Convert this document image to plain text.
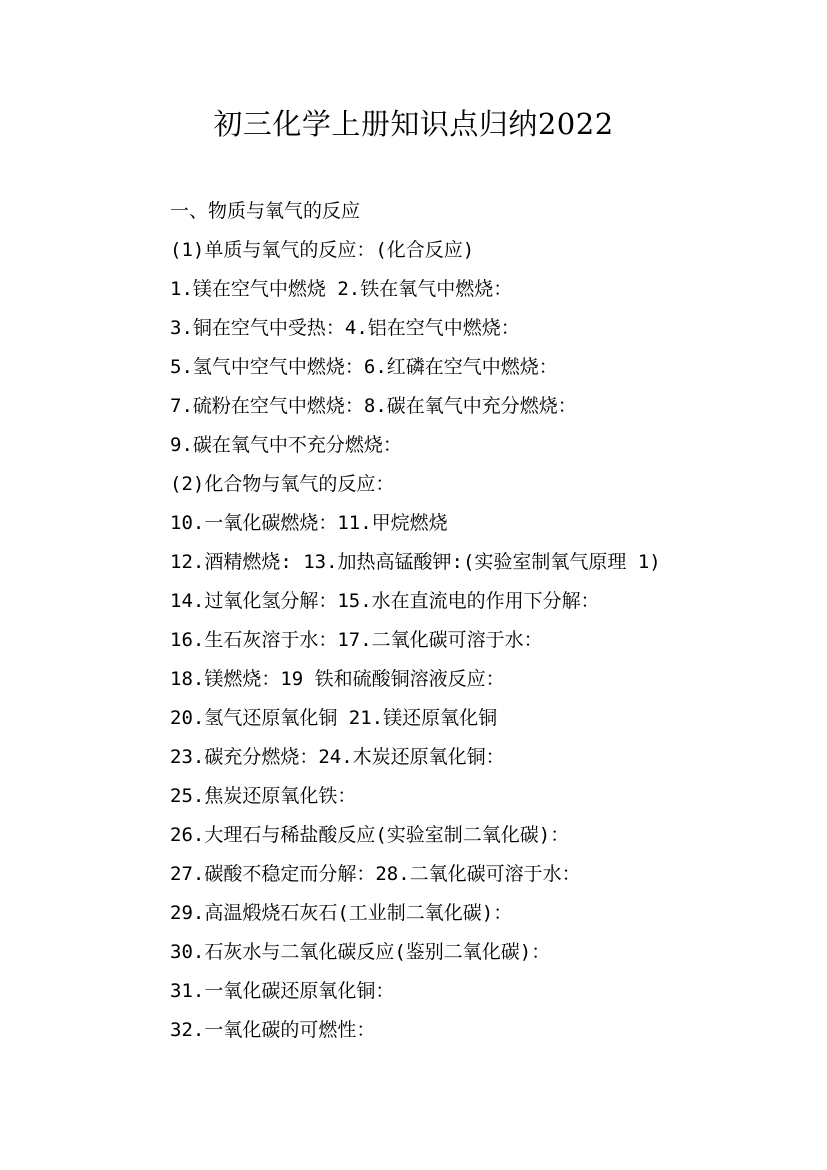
初三化学上册知识点归纳2022
一、物质与氧气的反应
(1)单质与氧气的反应：(化合反应)
1.镁在空气中燃烧 2.铁在氧气中燃烧：
3.铜在空气中受热：4.铝在空气中燃烧：
5.氢气中空气中燃烧：6.红磷在空气中燃烧：
7.硫粉在空气中燃烧：8.碳在氧气中充分燃烧：
9.碳在氧气中不充分燃烧：
(2)化合物与氧气的反应：
10.一氧化碳燃烧：11.甲烷燃烧
12.酒精燃烧: 13.加热高锰酸钾:(实验室制氧气原理 1)
14.过氧化氢分解：15.水在直流电的作用下分解：
16.生石灰溶于水：17.二氧化碳可溶于水：
18.镁燃烧：19 铁和硫酸铜溶液反应：
20.氢气还原氧化铜 21.镁还原氧化铜
23.碳充分燃烧：24.木炭还原氧化铜：
25.焦炭还原氧化铁：
26.大理石与稀盐酸反应(实验室制二氧化碳)：
27.碳酸不稳定而分解：28.二氧化碳可溶于水：
29.高温煅烧石灰石(工业制二氧化碳)：
30.石灰水与二氧化碳反应(鉴别二氧化碳)：
31.一氧化碳还原氧化铜：
32.一氧化碳的可燃性：
